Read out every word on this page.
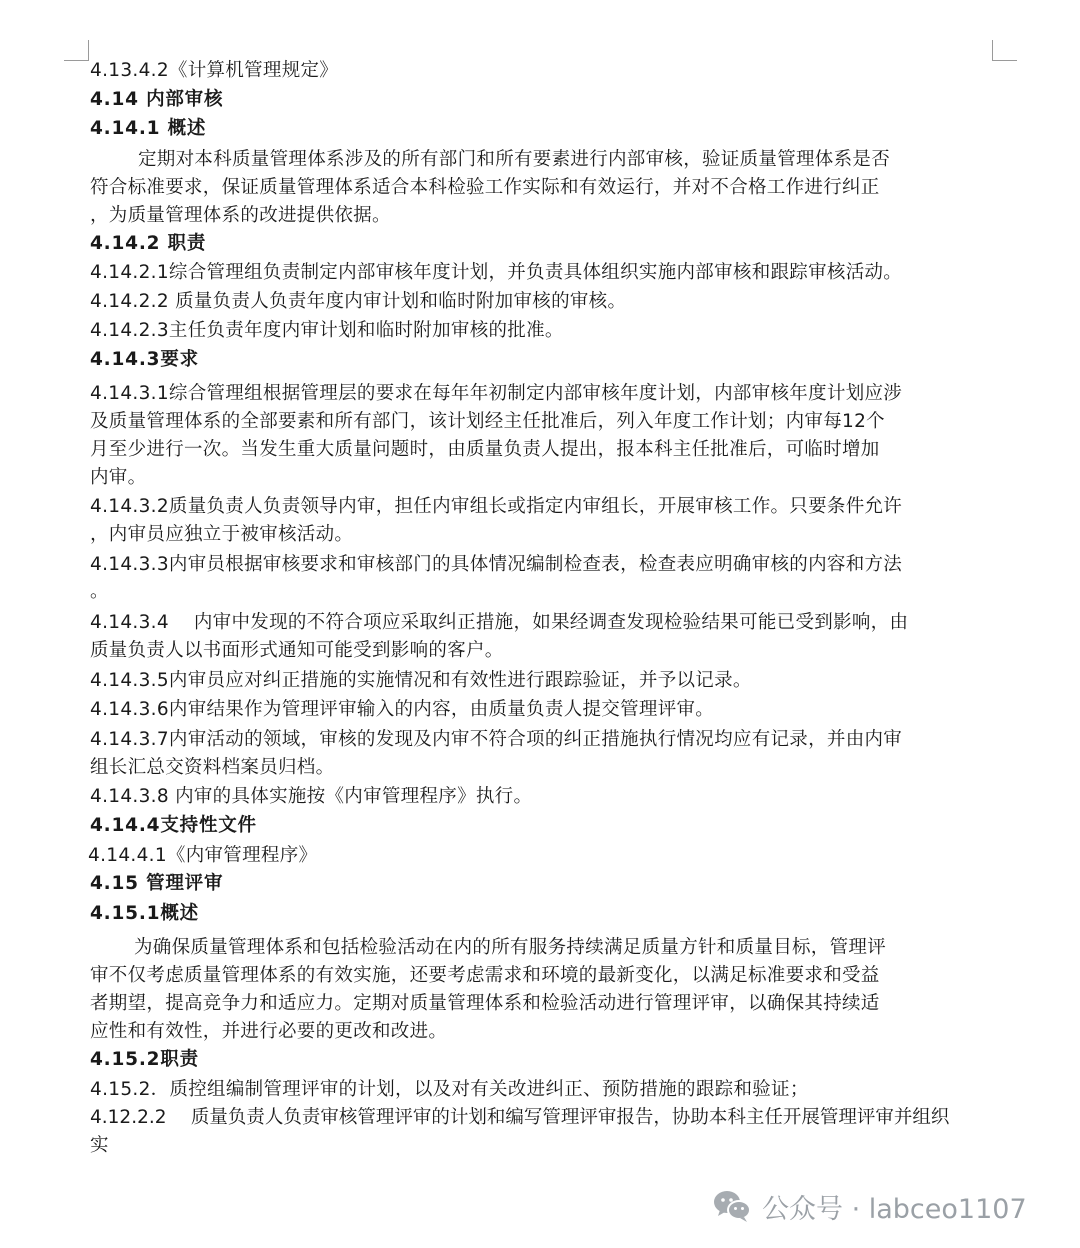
4.13.4.2《计算机管理规定》
4.14 内部审核
4.14.1 概述
定期对本科质量管理体系涉及的所有部门和所有要素进行内部审核，验证质量管理体系是否
符合标准要求，保证质量管理体系适合本科检验工作实际和有效运行，并对不合格工作进行纠正
，为质量管理体系的改进提供依据。
4.14.2 职责
4.14.2.1综合管理组负责制定内部审核年度计划，并负责具体组织实施内部审核和跟踪审核活动。
4.14.2.2 质量负责人负责年度内审计划和临时附加审核的审核。
4.14.2.3主任负责年度内审计划和临时附加审核的批准。
4.14.3要求
4.14.3.1综合管理组根据管理层的要求在每年年初制定内部审核年度计划，内部审核年度计划应涉
及质量管理体系的全部要素和所有部门，该计划经主任批准后，列入年度工作计划；内审每12个
月至少进行一次。当发生重大质量问题时，由质量负责人提出，报本科主任批准后，可临时增加
内审。
4.14.3.2质量负责人负责领导内审，担任内审组长或指定内审组长，开展审核工作。只要条件允许
，内审员应独立于被审核活动。
4.14.3.3内审员根据审核要求和审核部门的具体情况编制检查表，检查表应明确审核的内容和方法
。
4.14.3.4　 内审中发现的不符合项应采取纠正措施，如果经调查发现检验结果可能已受到影响，由
质量负责人以书面形式通知可能受到影响的客户。
4.14.3.5内审员应对纠正措施的实施情况和有效性进行跟踪验证，并予以记录。
4.14.3.6内审结果作为管理评审输入的内容，由质量负责人提交管理评审。
4.14.3.7内审活动的领域，审核的发现及内审不符合项的纠正措施执行情况均应有记录，并由内审
组长汇总交资料档案员归档。
4.14.3.8 内审的具体实施按《内审管理程序》执行。
4.14.4支持性文件
4.14.4.1《内审管理程序》
4.15 管理评审
4.15.1概述
为确保质量管理体系和包括检验活动在内的所有服务持续满足质量方针和质量目标，管理评
审不仅考虑质量管理体系的有效实施，还要考虑需求和环境的最新变化，以满足标准要求和受益
者期望，提高竞争力和适应力。定期对质量管理体系和检验活动进行管理评审，以确保其持续适
应性和有效性，并进行必要的更改和改进。
4.15.2职责
4.15.2．质控组编制管理评审的计划，以及对有关改进纠正、预防措施的跟踪和验证；
4.12.2.2　 质量负责人负责审核管理评审的计划和编写管理评审报告，协助本科主任开展管理评审并组织
实
公众号 · labceo1107
